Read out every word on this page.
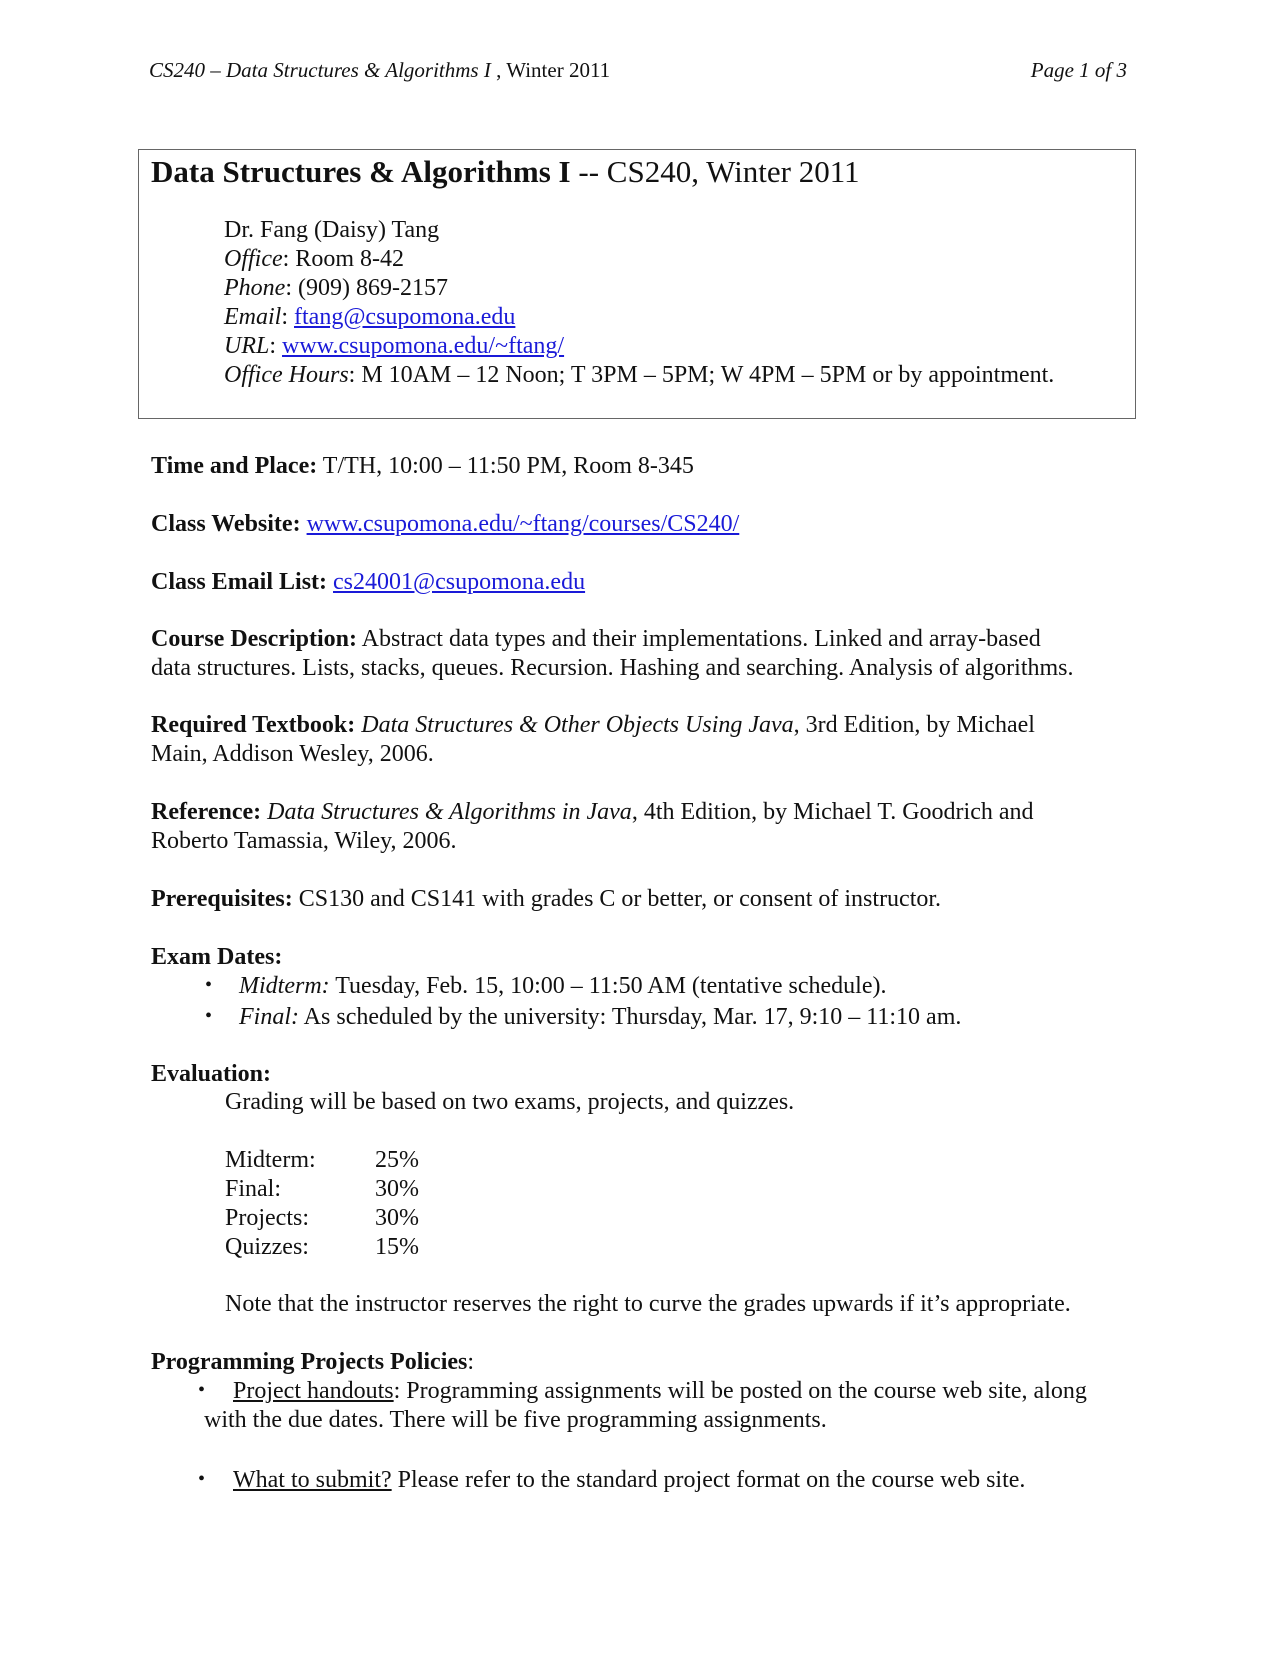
CS240 – Data Structures & Algorithms I , Winter 2011	Page 1 of 3
Data Structures & Algorithms I -- CS240, Winter 2011
Dr. Fang (Daisy) Tang
Office: Room 8-42
Phone: (909) 869-2157
Email: ftang@csupomona.edu
URL: www.csupomona.edu/~ftang/
Office Hours: M 10AM – 12 Noon; T 3PM – 5PM; W 4PM – 5PM or by appointment.
Time and Place: T/TH, 10:00 – 11:50 PM, Room 8-345
Class Website: www.csupomona.edu/~ftang/courses/CS240/
Class Email List: cs24001@csupomona.edu
Course Description: Abstract data types and their implementations. Linked and array-based
data structures. Lists, stacks, queues. Recursion. Hashing and searching. Analysis of algorithms.
Required Textbook: Data Structures & Other Objects Using Java, 3rd Edition, by Michael
Main, Addison Wesley, 2006.
Reference: Data Structures & Algorithms in Java, 4th Edition, by Michael T. Goodrich and
Roberto Tamassia, Wiley, 2006.
Prerequisites: CS130 and CS141 with grades C or better, or consent of instructor.
Exam Dates:
• Midterm: Tuesday, Feb. 15, 10:00 – 11:50 AM (tentative schedule).
• Final: As scheduled by the university: Thursday, Mar. 17, 9:10 – 11:10 am.
Evaluation:
Grading will be based on two exams, projects, and quizzes.
Midterm: 25%
Final:	30%
Projects:	30%
Quizzes:	15%
Note that the instructor reserves the right to curve the grades upwards if it’s appropriate.
Programming Projects Policies:
• Project handouts: Programming assignments will be posted on the course web site, along
with the due dates. There will be five programming assignments.
• What to submit? Please refer to the standard project format on the course web site.
